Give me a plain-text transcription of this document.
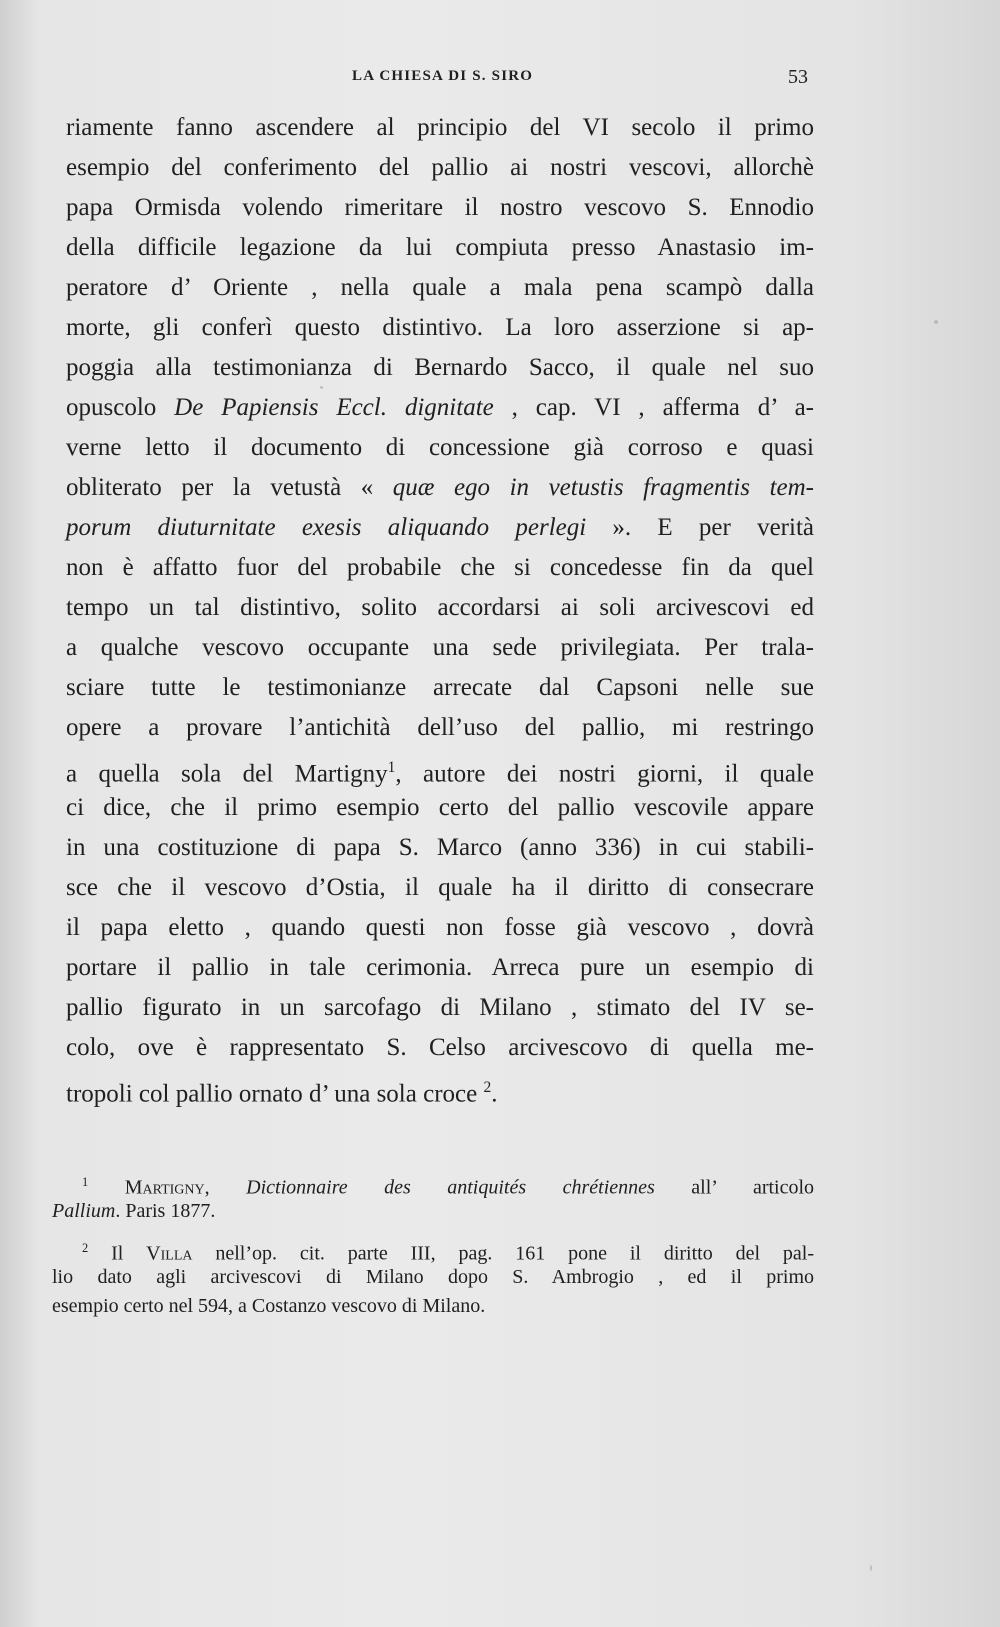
LA CHIESA DI S. SIRO	53
riamente fanno ascendere al principio del VI secolo il primo
esempio del conferimento del pallio ai nostri vescovi, allorchè
papa Ormisda volendo rimeritare il nostro vescovo S. Ennodio
della difficile legazione da lui compiuta presso Anastasio im-
peratore d’ Oriente , nella quale a mala pena scampò dalla
morte, gli conferì questo distintivo. La loro asserzione si ap-
poggia alla testimonianza di Bernardo Sacco, il quale nel suo
opuscolo De Papiensis Eccl. dignitate , cap. VI , afferma d’ a-
verne letto il documento di concessione già corroso e quasi
obliterato per la vetustà « quæ ego in vetustis fragmentis tem-
porum diuturnitate exesis aliquando perlegi ». E per verità
non è affatto fuor del probabile che si concedesse fin da quel
tempo un tal distintivo, solito accordarsi ai soli arcivescovi ed
a qualche vescovo occupante una sede privilegiata. Per trala-
sciare tutte le testimonianze arrecate dal Capsoni nelle sue
opere a provare l’antichità dell’uso del pallio, mi restringo
a quella sola del Martigny$^1$, autore dei nostri giorni, il quale
ci dice, che il primo esempio certo del pallio vescovile appare
in una costituzione di papa S. Marco (anno 336) in cui stabili-
sce che il vescovo d’Ostia, il quale ha il diritto di consecrare
il papa eletto , quando questi non fosse già vescovo , dovrà
portare il pallio in tale cerimonia. Arreca pure un esempio di
pallio figurato in un sarcofago di Milano , stimato del IV se-
colo, ove è rappresentato S. Celso arcivescovo di quella me-
tropoli col pallio ornato d’ una sola croce $^2$.
$^1$ Martigny, Dictionnaire des antiquités chrétiennes all’ articolo
Pallium. Paris 1877.
$^2$ Il Villa nell’op. cit. parte III, pag. 161 pone il diritto del pal-
lio dato agli arcivescovi di Milano dopo S. Ambrogio , ed il primo
esempio certo nel 594, a Costanzo vescovo di Milano.
